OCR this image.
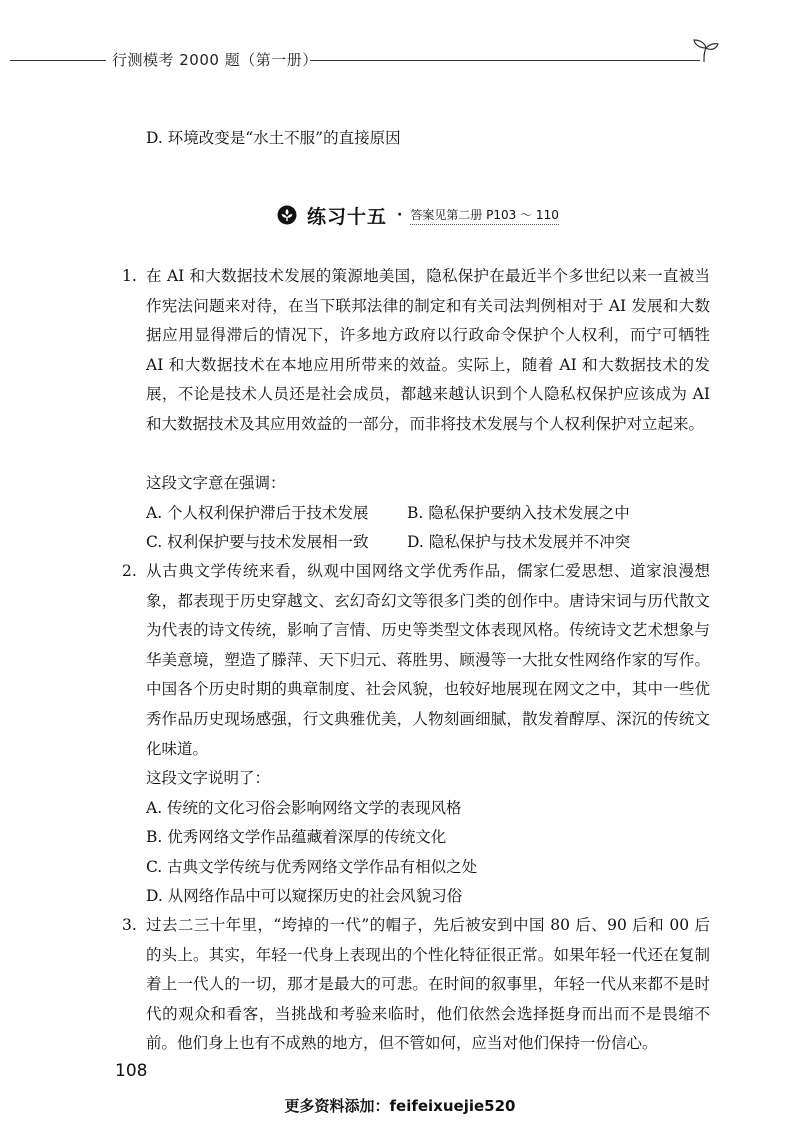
行测模考 2000 题（第一册）
D. 环境改变是“水土不服”的直接原因
练习十五 · 答案见第二册 P103 ～ 110
1. 在 AI 和大数据技术发展的策源地美国，隐私保护在最近半个多世纪以来一直被当作宪法问题来对待，在当下联邦法律的制定和有关司法判例相对于 AI 发展和大数据应用显得滞后的情况下，许多地方政府以行政命令保护个人权利，而宁可牺牲 AI 和大数据技术在本地应用所带来的效益。实际上，随着 AI 和大数据技术的发展，不论是技术人员还是社会成员，都越来越认识到个人隐私权保护应该成为 AI 和大数据技术及其应用效益的一部分，而非将技术发展与个人权利保护对立起来。

这段文字意在强调：
A. 个人权利保护滞后于技术发展 B. 隐私保护要纳入技术发展之中
C. 权利保护要与技术发展相一致 D. 隐私保护与技术发展并不冲突
2. 从古典文学传统来看，纵观中国网络文学优秀作品，儒家仁爱思想、道家浪漫想象，都表现于历史穿越文、玄幻奇幻文等很多门类的创作中。唐诗宋词与历代散文为代表的诗文传统，影响了言情、历史等类型文体表现风格。传统诗文艺术想象与华美意境，塑造了滕萍、天下归元、蒋胜男、顾漫等一大批女性网络作家的写作。中国各个历史时期的典章制度、社会风貌，也较好地展现在网文之中，其中一些优秀作品历史现场感强，行文典雅优美，人物刻画细腻，散发着醇厚、深沉的传统文化味道。

这段文字说明了：
A. 传统的文化习俗会影响网络文学的表现风格
B. 优秀网络文学作品蕴藏着深厚的传统文化
C. 古典文学传统与优秀网络文学作品有相似之处
D. 从网络作品中可以窥探历史的社会风貌习俗
3. 过去二三十年里，“垮掉的一代”的帽子，先后被安到中国 80 后、90 后和 00 后的头上。其实，年轻一代身上表现出的个性化特征很正常。如果年轻一代还在复制着上一代人的一切，那才是最大的可悲。在时间的叙事里，年轻一代从来都不是时代的观众和看客，当挑战和考验来临时，他们依然会选择挺身而出而不是畏缩不前。他们身上也有不成熟的地方，但不管如何，应当对他们保持一份信心。

108
更多资料添加：feifeixuejie520
